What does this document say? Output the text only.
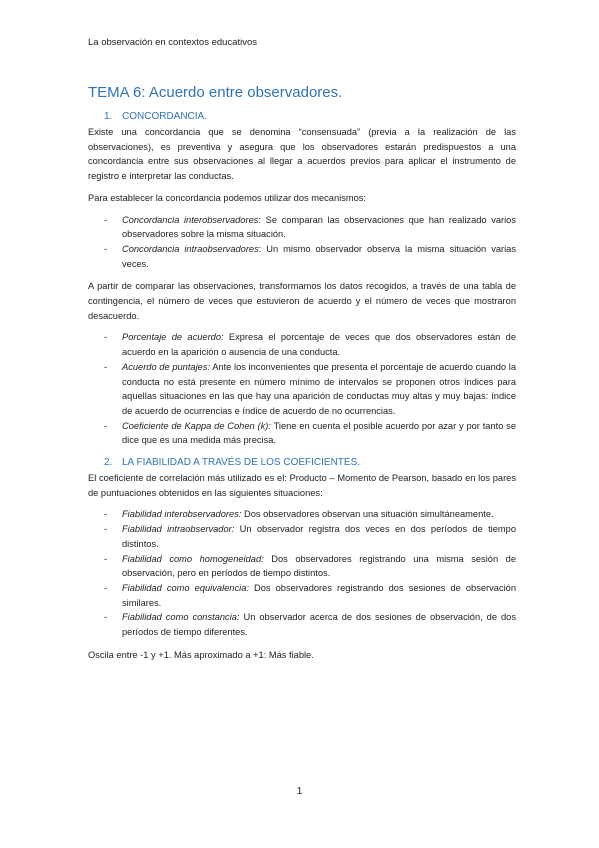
La observación en contextos educativos
TEMA 6: Acuerdo entre observadores.
1. CONCORDANCIA.

Existe una concordancia que se denomina “consensuada” (previa a la realización de las observaciones), es preventiva y asegura que los observadores estarán predispuestos a una concordancia entre sus observaciones al llegar a acuerdos previos para aplicar el instrumento de registro e interpretar las conductas.

Para establecer la concordancia podemos utilizar dos mecanismos:

- Concordancia interobservadores: Se comparan las observaciones que han realizado varios observadores sobre la misma situación.
- Concordancia intraobservadores: Un mismo observador observa la misma situación varias veces.

A partir de comparar las observaciones, transformamos los datos recogidos, a través de una tabla de contingencia, el número de veces que estuvieron de acuerdo y el número de veces que mostraron desacuerdo.

- Porcentaje de acuerdo: Expresa el porcentaje de veces que dos observadores están de acuerdo en la aparición o ausencia de una conducta.
- Acuerdo de puntajes: Ante los inconvenientes que presenta el porcentaje de acuerdo cuando la conducta no está presente en número mínimo de intervalos se proponen otros índices para aquellas situaciones en las que hay una aparición de conductas muy altas y muy bajas: índice de acuerdo de ocurrencias e índice de acuerdo de no ocurrencias.
- Coeficiente de Kappa de Cohen (k): Tiene en cuenta el posible acuerdo por azar y por tanto se dice que es una medida más precisa.
2. LA FIABILIDAD A TRAVÉS DE LOS COEFICIENTES.

El coeficiente de correlación más utilizado es el: Producto – Momento de Pearson, basado en los pares de puntuaciones obtenidos en las siguientes situaciones:

- Fiabilidad interobservadores: Dos observadores observan una situación simultáneamente.
- Fiabilidad intraobservador: Un observador registra dos veces en dos períodos de tiempo distintos.
- Fiabilidad como homogeneidad: Dos observadores registrando una misma sesión de observación, pero en períodos de tiempo distintos.
- Fiabilidad como equivalencia: Dos observadores registrando dos sesiones de observación similares.
- Fiabilidad como constancia: Un observador acerca de dos sesiones de observación, de dos períodos de tiempo diferentes.

Oscila entre -1 y +1. Más aproximado a +1: Más fiable.

1
